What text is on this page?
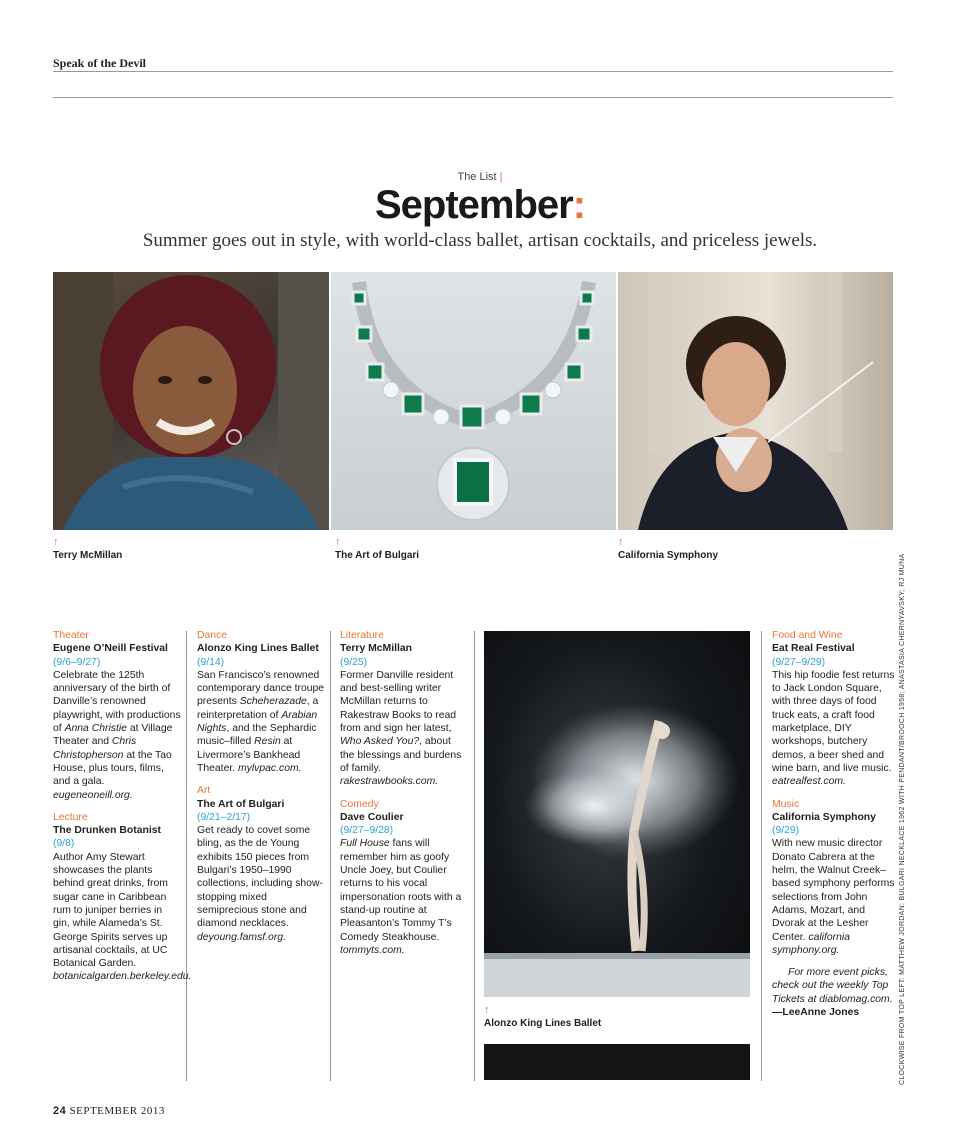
Speak of the Devil
The List |
September:
Summer goes out in style, with world-class ballet, artisan cocktails, and priceless jewels.
↑
Terry McMillan
↑
The Art of Bulgari
↑
California Symphony
Theater
Eugene O’Neill Festival
(9/6–9/27)
Celebrate the 125th anniversary of the birth of Danville’s renowned playwright, with productions of Anna Christie at Village Theater and Chris Christopherson at the Tao House, plus tours, films, and a gala. eugeneoneill.org.
Lecture
The Drunken Botanist
(9/8)
Author Amy Stewart showcases the plants behind great drinks, from sugar cane in Caribbean rum to juniper berries in gin, while Alameda’s St. George Spirits serves up artisanal cocktails, at UC Botanical Garden. botanicalgarden.berkeley.edu.
Dance
Alonzo King Lines Ballet
(9/14)
San Francisco’s renowned contemporary dance troupe presents Scheherazade, a reinterpretation of Arabian Nights, and the Sephardic music–filled Resin at Livermore’s Bankhead Theater. mylvpac.com.
Art
The Art of Bulgari
(9/21–2/17)
Get ready to covet some bling, as the de Young exhibits 150 pieces from Bulgari’s 1950–1990 collections, including show-stopping mixed semiprecious stone and diamond necklaces. deyoung.famsf.org.
Literature
Terry McMillan
(9/25)
Former Danville resident and best-selling writer McMillan returns to Rakestraw Books to read from and sign her latest, Who Asked You?, about the blessings and burdens of family. rakestrawbooks.com.
Comedy
Dave Coulier
(9/27–9/28)
Full House fans will remember him as goofy Uncle Joey, but Coulier returns to his vocal impersonation roots with a stand-up routine at Pleasanton’s Tommy T’s Comedy Steakhouse. tommyts.com.
↑
Alonzo King Lines Ballet
Food and Wine
Eat Real Festival
(9/27–9/29)
This hip foodie fest returns to Jack London Square, with three days of food truck eats, a craft food marketplace, DIY workshops, butchery demos, a beer shed and wine barn, and live music. eatrealfest.com.
Music
California Symphony
(9/29)
With new music director Donato Cabrera at the helm, the Walnut Creek–based symphony performs selections from John Adams, Mozart, and Dvorak at the Lesher Center. california symphony.org.
For more event picks, check out the weekly Top Tickets at diablomag.com. —LeeAnne Jones	CLOCKWISE FROM TOP LEFT: MATTHEW JORDAN; BULGARI NECKLACE 1962 WITH PENDANT/BROOCH 1958; ANASTASIA CHERNYAVSKY; RJ MUNA
24 SEPTEMBER 2013
